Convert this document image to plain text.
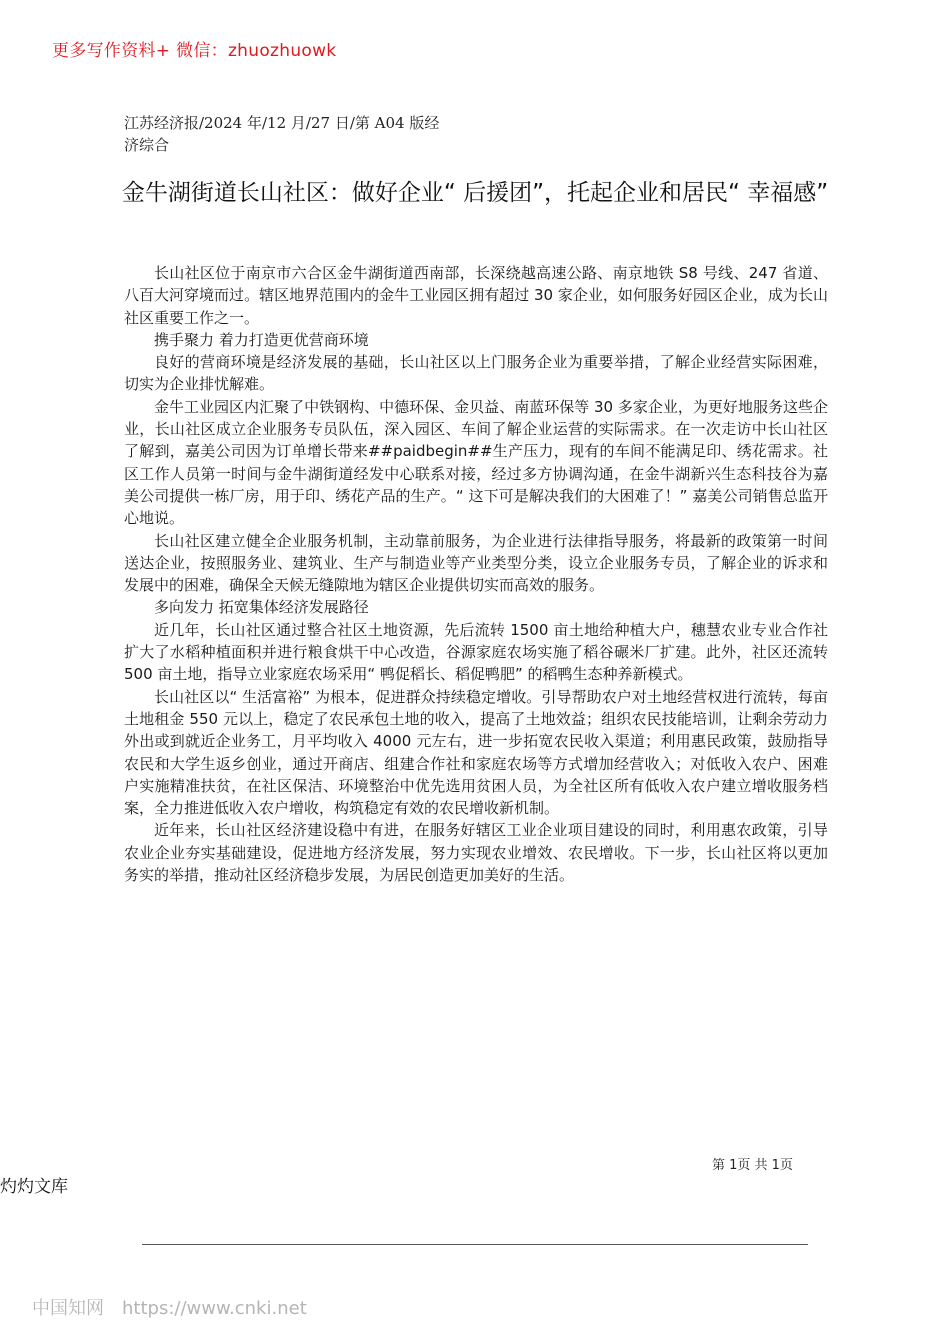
更多写作资料+ 微信：zhuozhuowk
江苏经济报/2024 年/12 月/27 日/第 A04 版经济综合
金牛湖街道长山社区：做好企业“ 后援团”，托起企业和居民“ 幸福感”

长山社区位于南京市六合区金牛湖街道西南部，长深绕越高速公路、南京地铁 S8 号线、247 省道、八百大河穿境而过。辖区地界范围内的金牛工业园区拥有超过 30 家企业，如何服务好园区企业，成为长山社区重要工作之一。

携手聚力 着力打造更优营商环境

良好的营商环境是经济发展的基础，长山社区以上门服务企业为重要举措，了解企业经营实际困难，切实为企业排忧解难。

金牛工业园区内汇聚了中铁钢构、中德环保、金贝益、南蓝环保等 30 多家企业，为更好地服务这些企业，长山社区成立企业服务专员队伍，深入园区、车间了解企业运营的实际需求。在一次走访中长山社区了解到，嘉美公司因为订单增长带来##paidbegin##生产压力，现有的车间不能满足印、绣花需求。社区工作人员第一时间与金牛湖街道经发中心联系对接，经过多方协调沟通，在金牛湖新兴生态科技谷为嘉美公司提供一栋厂房，用于印、绣花产品的生产。“ 这下可是解决我们的大困难了！” 嘉美公司销售总监开心地说。

长山社区建立健全企业服务机制，主动靠前服务，为企业进行法律指导服务，将最新的政策第一时间送达企业，按照服务业、建筑业、生产与制造业等产业类型分类，设立企业服务专员，了解企业的诉求和发展中的困难，确保全天候无缝隙地为辖区企业提供切实而高效的服务。

多向发力 拓宽集体经济发展路径

近几年，长山社区通过整合社区土地资源，先后流转 1500 亩土地给种植大户，穗慧农业专业合作社扩大了水稻种植面积并进行粮食烘干中心改造，谷源家庭农场实施了稻谷碾米厂扩建。此外，社区还流转 500 亩土地，指导立业家庭农场采用“ 鸭促稻长、稻促鸭肥” 的稻鸭生态种养新模式。

长山社区以“ 生活富裕” 为根本，促进群众持续稳定增收。引导帮助农户对土地经营权进行流转，每亩土地租金 550 元以上，稳定了农民承包土地的收入，提高了土地效益；组织农民技能培训，让剩余劳动力外出或到就近企业务工，月平均收入 4000 元左右，进一步拓宽农民收入渠道；利用惠民政策，鼓励指导农民和大学生返乡创业，通过开商店、组建合作社和家庭农场等方式增加经营收入；对低收入农户、困难户实施精准扶贫，在社区保洁、环境整治中优先选用贫困人员，为全社区所有低收入农户建立增收服务档案，全力推进低收入农户增收，构筑稳定有效的农民增收新机制。

近年来，长山社区经济建设稳中有进，在服务好辖区工业企业项目建设的同时，利用惠农政策，引导农业企业夯实基础建设，促进地方经济发展，努力实现农业增效、农民增收。下一步，长山社区将以更加务实的举措，推动社区经济稳步发展，为居民创造更加美好的生活。

第 1页 共 1页
灼灼文库
中国知网 https://www.cnki.net
